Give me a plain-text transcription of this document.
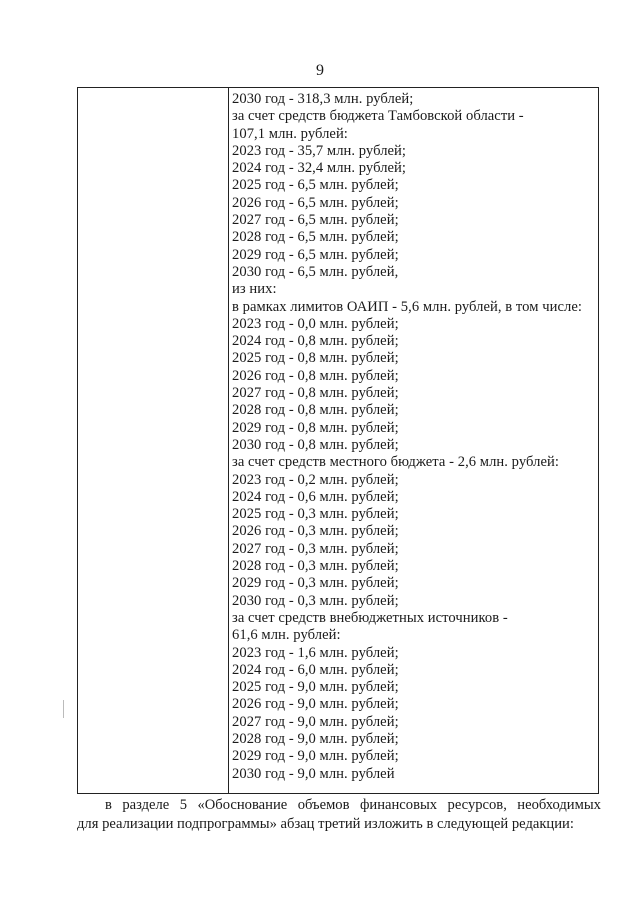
9
2030 год - 318,3 млн. рублей;
за счет средств бюджета Тамбовской области -
107,1 млн. рублей:
2023 год - 35,7 млн. рублей;
2024 год - 32,4 млн. рублей;
2025 год - 6,5 млн. рублей;
2026 год - 6,5 млн. рублей;
2027 год - 6,5 млн. рублей;
2028 год - 6,5 млн. рублей;
2029 год - 6,5 млн. рублей;
2030 год - 6,5 млн. рублей,
из них:
в рамках лимитов ОАИП - 5,6 млн. рублей, в том числе:
2023 год - 0,0 млн. рублей;
2024 год - 0,8 млн. рублей;
2025 год - 0,8 млн. рублей;
2026 год - 0,8 млн. рублей;
2027 год - 0,8 млн. рублей;
2028 год - 0,8 млн. рублей;
2029 год - 0,8 млн. рублей;
2030 год - 0,8 млн. рублей;
за счет средств местного бюджета - 2,6 млн. рублей:
2023 год - 0,2 млн. рублей;
2024 год - 0,6 млн. рублей;
2025 год - 0,3 млн. рублей;
2026 год - 0,3 млн. рублей;
2027 год - 0,3 млн. рублей;
2028 год - 0,3 млн. рублей;
2029 год - 0,3 млн. рублей;
2030 год - 0,3 млн. рублей;
за счет средств внебюджетных источников -
61,6 млн. рублей:
2023 год - 1,6 млн. рублей;
2024 год - 6,0 млн. рублей;
2025 год - 9,0 млн. рублей;
2026 год - 9,0 млн. рублей;
2027 год - 9,0 млн. рублей;
2028 год - 9,0 млн. рублей;
2029 год - 9,0 млн. рублей;
2030 год - 9,0 млн. рублей
в разделе 5 «Обоснование объемов финансовых ресурсов, необходимых
для реализации подпрограммы» абзац третий изложить в следующей редакции:
